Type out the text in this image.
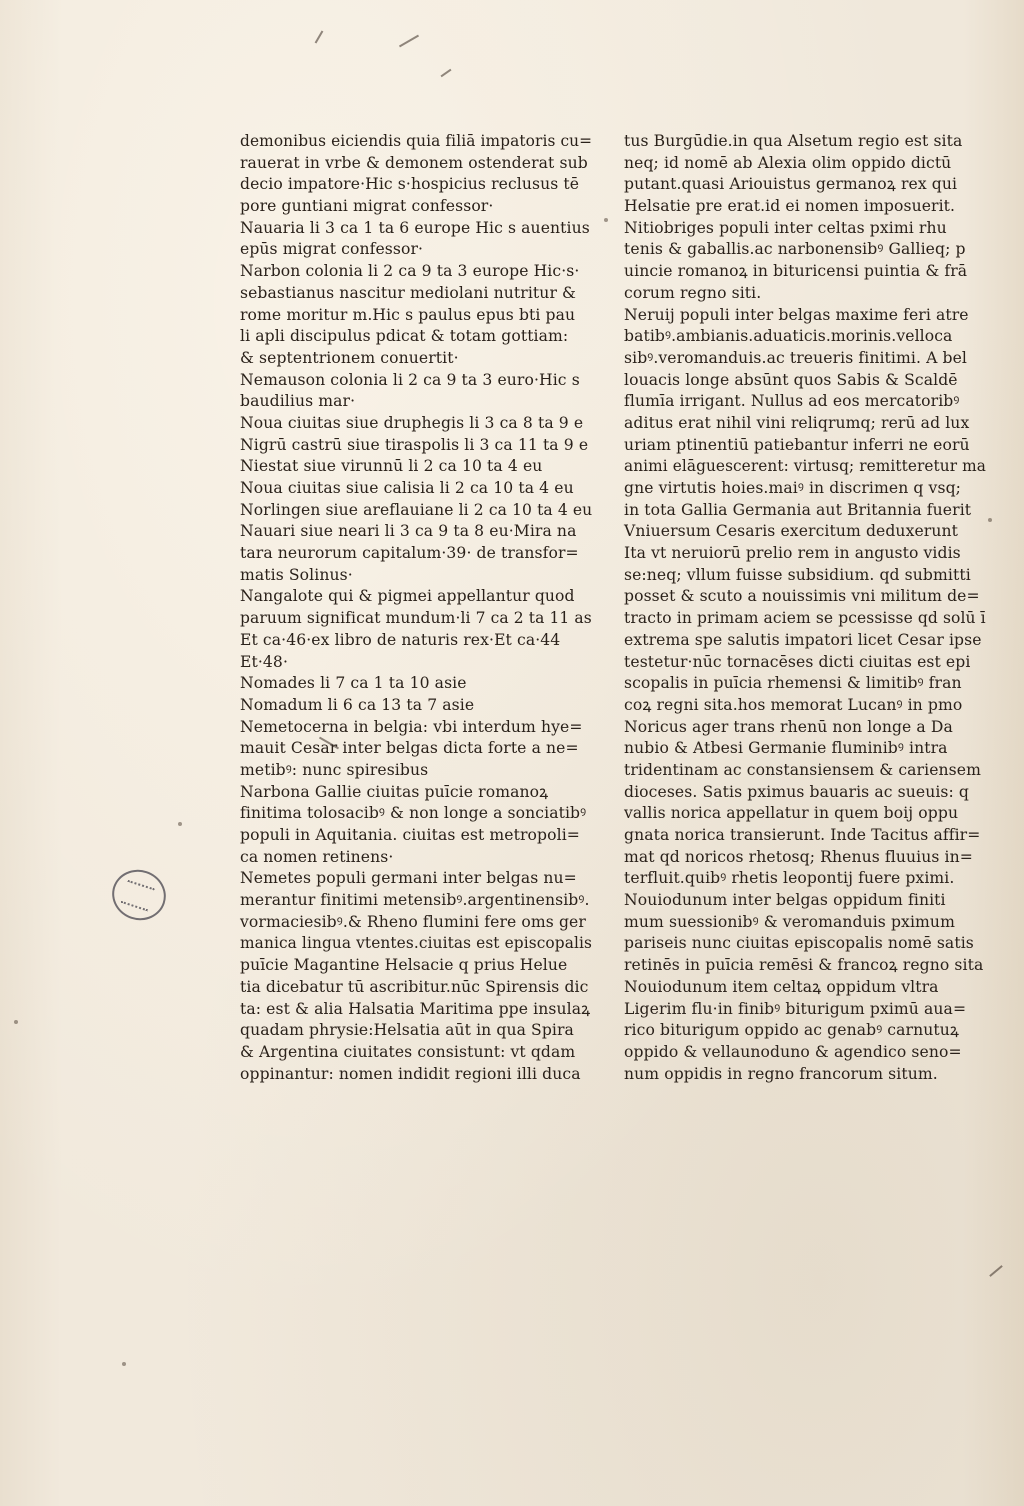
demonibus eiciendis quia filiā impatoris cu=
rauerat in vrbe & demonem ostenderat sub
decio impatore·Hic s·hospicius reclusus tē
pore guntiani migrat confessor·
Nauaria li 3 ca 1 ta 6 europe Hic s auentius
epūs migrat confessor·
Narbon colonia li 2 ca 9 ta 3 europe Hic·s·
sebastianus nascitur mediolani nutritur &
rome moritur m.Hic s paulus epus bti pau
li apli discipulus pdicat & totam gottiam:
& septentrionem conuertit·
Nemauson colonia li 2 ca 9 ta 3 euro·Hic s
baudilius mar·
Noua ciuitas siue druphegis li 3 ca 8 ta 9 e
Nigrū castrū siue tiraspolis li 3 ca 11 ta 9 e
Niestat siue virunnū li 2 ca 10 ta 4 eu
Noua ciuitas siue calisia li 2 ca 10 ta 4 eu
Norlingen siue areflauiane li 2 ca 10 ta 4 eu
Nauari siue neari li 3 ca 9 ta 8 eu·Mira na
tara neurorum capitalum·39· de transfor=
matis Solinus·
Nangalote qui & pigmei appellantur quod
paruum significat mundum·li 7 ca 2 ta 11 as
Et ca·46·ex libro de naturis rex·Et ca·44
Et·48·
Nomades li 7 ca 1 ta 10 asie
Nomadum li 6 ca 13 ta 7 asie
Nemetocerna in belgia: vbi interdum hye=
mauit Cesar inter belgas dicta forte a ne=
metibꝰ: nunc spiresibus
Narbona Gallie ciuitas puīcie romanoꝝ
finitima tolosacibꝰ & non longe a sonciatibꝰ
populi in Aquitania. ciuitas est metropoli=
ca nomen retinens·
Nemetes populi germani inter belgas nu=
merantur finitimi metensibꝰ.argentinensibꝰ.
vormaciesibꝰ.& Rheno flumini fere oms ger
manica lingua vtentes.ciuitas est episcopalis
puīcie Magantine Helsacie q prius Helue
tia dicebatur tū ascribitur.nūc Spirensis dic
ta: est & alia Halsatia Maritima ppe insulaꝝ
quadam phrysie:Helsatia aūt in qua Spira
& Argentina ciuitates consistunt: vt qdam
oppinantur: nomen indidit regioni illi duca
tus Burgūdie.in qua Alsetum regio est sita
neq; id nomē ab Alexia olim oppido dictū
putant.quasi Ariouistus germanoꝝ rex qui
Helsatie pre erat.id ei nomen imposuerit.
Nitiobriges populi inter celtas pximi rhu
tenis & gaballis.ac narbonensibꝰ Gallieq; p
uincie romanoꝝ in bituricensi puintia & frā
corum regno siti.
Neruij populi inter belgas maxime feri atre
batibꝰ.ambianis.aduaticis.morinis.velloca
sibꝰ.veromanduis.ac treueris finitimi. A bel
louacis longe absūnt quos Sabis & Scaldē
flumīa irrigant. Nullus ad eos mercatoribꝰ
aditus erat nihil vini reliqrumq; rerū ad lux
uriam ptinentiū patiebantur inferri ne eorū
animi elāguescerent: virtusq; remitteretur ma
gne virtutis hoies.maiꝰ in discrimen q vsq;
in tota Gallia Germania aut Britannia fuerit
Vniuersum Cesaris exercitum deduxerunt
Ita vt neruiorū prelio rem in angusto vidis
se:neq; vllum fuisse subsidium. qd submitti
posset & scuto a nouissimis vni militum de=
tracto in primam aciem se pcessisse qd solū ī
extrema spe salutis impatori licet Cesar ipse
testetur·nūc tornacēses dicti ciuitas est epi
scopalis in puīcia rhemensi & limitibꝰ fran
coꝝ regni sita.hos memorat Lucanꝰ in pmo
Noricus ager trans rhenū non longe a Da
nubio & Atbesi Germanie fluminibꝰ intra
tridentinam ac constansiensem & cariensem
dioceses. Satis pximus bauaris ac sueuis: q
vallis norica appellatur in quem boij oppu
gnata norica transierunt. Inde Tacitus affir=
mat qd noricos rhetosq; Rhenus fluuius in=
terfluit.quibꝰ rhetis leopontij fuere pximi.
Nouiodunum inter belgas oppidum finiti
mum suessionibꝰ & veromanduis pximum
pariseis nunc ciuitas episcopalis nomē satis
retinēs in puīcia remēsi & francoꝝ regno sita
Nouiodunum item celtaꝝ oppidum vltra
Ligerim flu·in finibꝰ biturigum pximū aua=
rico biturigum oppido ac genabꝰ carnutuꝝ
oppido & vellaunoduno & agendico seno=
num oppidis in regno francorum situm.
